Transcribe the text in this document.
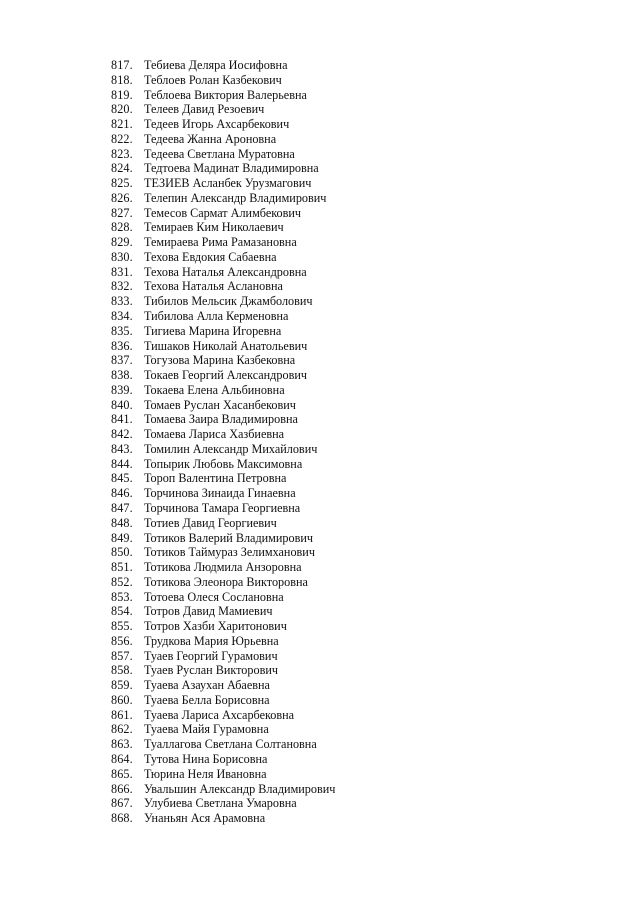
817. Тебиева Деляра Иосифовна
818. Теблоев Ролан Казбекович
819. Теблоева Виктория Валерьевна
820. Телеев Давид Резоевич
821. Тедеев Игорь Ахсарбекович
822. Тедеева Жанна Ароновна
823. Тедеева Светлана Муратовна
824. Тедтоева Мадинат Владимировна
825. ТЕЗИЕВ Асланбек Урузмагович
826. Телепин Александр Владимирович
827. Темесов Сармат Алимбекович
828. Темираев Ким Николаевич
829. Темираева Рима Рамазановна
830. Техова Евдокия Сабаевна
831. Техова Наталья Александровна
832. Техова Наталья Аслановна
833. Тибилов Мельсик Джамболович
834. Тибилова Алла Керменовна
835. Тигиева Марина Игоревна
836. Тишаков Николай Анатольевич
837. Тогузова Марина Казбековна
838. Токаев Георгий Александрович
839. Токаева Елена Альбиновна
840. Томаев Руслан Хасанбекович
841. Томаева Заира Владимировна
842. Томаева Лариса Хазбиевна
843. Томилин Александр Михайлович
844. Топырик Любовь Максимовна
845. Тороп Валентина Петровна
846. Торчинова Зинаида Гинаевна
847. Торчинова Тамара Георгиевна
848. Тотиев Давид Георгиевич
849. Тотиков Валерий Владимирович
850. Тотиков Таймураз Зелимханович
851. Тотикова Людмила Анзоровна
852. Тотикова Элеонора Викторовна
853. Тотоева Олеся Сослановна
854. Тотров Давид Мамиевич
855. Тотров Хазби Харитонович
856. Трудкова Мария Юрьевна
857. Туаев Георгий Гурамович
858. Туаев Руслан Викторович
859. Туаева Азаухан Абаевна
860. Туаева Белла Борисовна
861. Туаева Лариса Ахсарбековна
862. Туаева Майя Гурамовна
863. Туаллагова Светлана Солтановна
864. Тутова Нина Борисовна
865. Тюрина Неля Ивановна
866. Увальшин Александр Владимирович
867. Улубиева Светлана Умаровна
868. Унаньян Ася Арамовна
